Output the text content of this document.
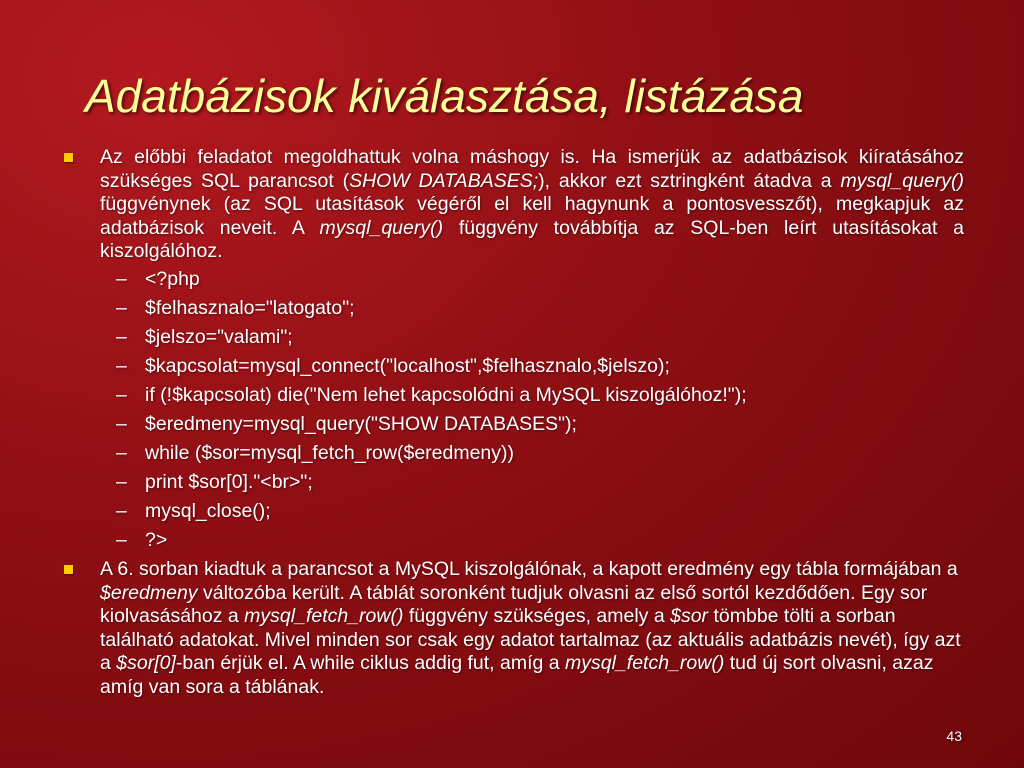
Adatbázisok kiválasztása, listázása
Az előbbi feladatot megoldhattuk volna máshogy is. Ha ismerjük az adatbázisok kiíratásához szükséges SQL parancsot (SHOW DATABASES;), akkor ezt sztringként átadva a mysql_query() függvénynek (az SQL utasítások végéről el kell hagynunk a pontosvesszőt), megkapjuk az adatbázisok neveit. A mysql_query() függvény továbbítja az SQL-ben leírt utasításokat a kiszolgálóhoz.
– <?php
– $felhasznalo="latogato";
– $jelszo="valami";
– $kapcsolat=mysql_connect("localhost",$felhasznalo,$jelszo);
– if (!$kapcsolat) die("Nem lehet kapcsolódni a MySQL kiszolgálóhoz!");
– $eredmeny=mysql_query("SHOW DATABASES");
– while ($sor=mysql_fetch_row($eredmeny))
– print $sor[0]."<br>";
– mysql_close();
– ?>
A 6. sorban kiadtuk a parancsot a MySQL kiszolgálónak, a kapott eredmény egy tábla formájában a $eredmeny változóba került. A táblát soronként tudjuk olvasni az első sortól kezdődően. Egy sor kiolvasásához a mysql_fetch_row() függvény szükséges, amely a $sor tömbbe tölti a sorban található adatokat. Mivel minden sor csak egy adatot tartalmaz (az aktuális adatbázis nevét), így azt a $sor[0]-ban érjük el. A while ciklus addig fut, amíg a mysql_fetch_row() tud új sort olvasni, azaz amíg van sora a táblának.
43
